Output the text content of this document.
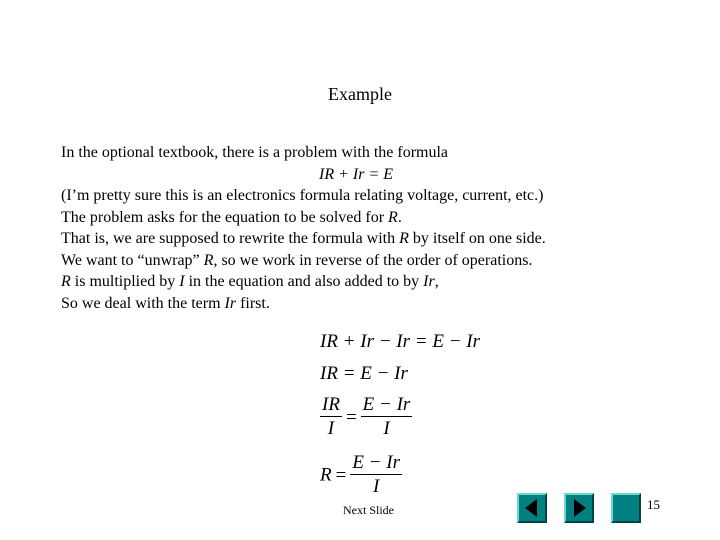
Example
In the optional textbook, there is a problem with the formula
IR + Ir = E
(I’m pretty sure this is an electronics formula relating voltage, current, etc.)
The problem asks for the equation to be solved for R.
That is, we are supposed to rewrite the formula with R by itself on one side.
We want to “unwrap” R, so we work in reverse of the order of operations.
R is multiplied by I in the equation and also added to by Ir,
So we deal with the term Ir first.
IR + Ir − Ir = E − Ir
IR = E − Ir
$\frac{IR}{I} = \frac{E - Ir}{I}$
$R = \frac{E - Ir}{I}$
Next Slide	15
